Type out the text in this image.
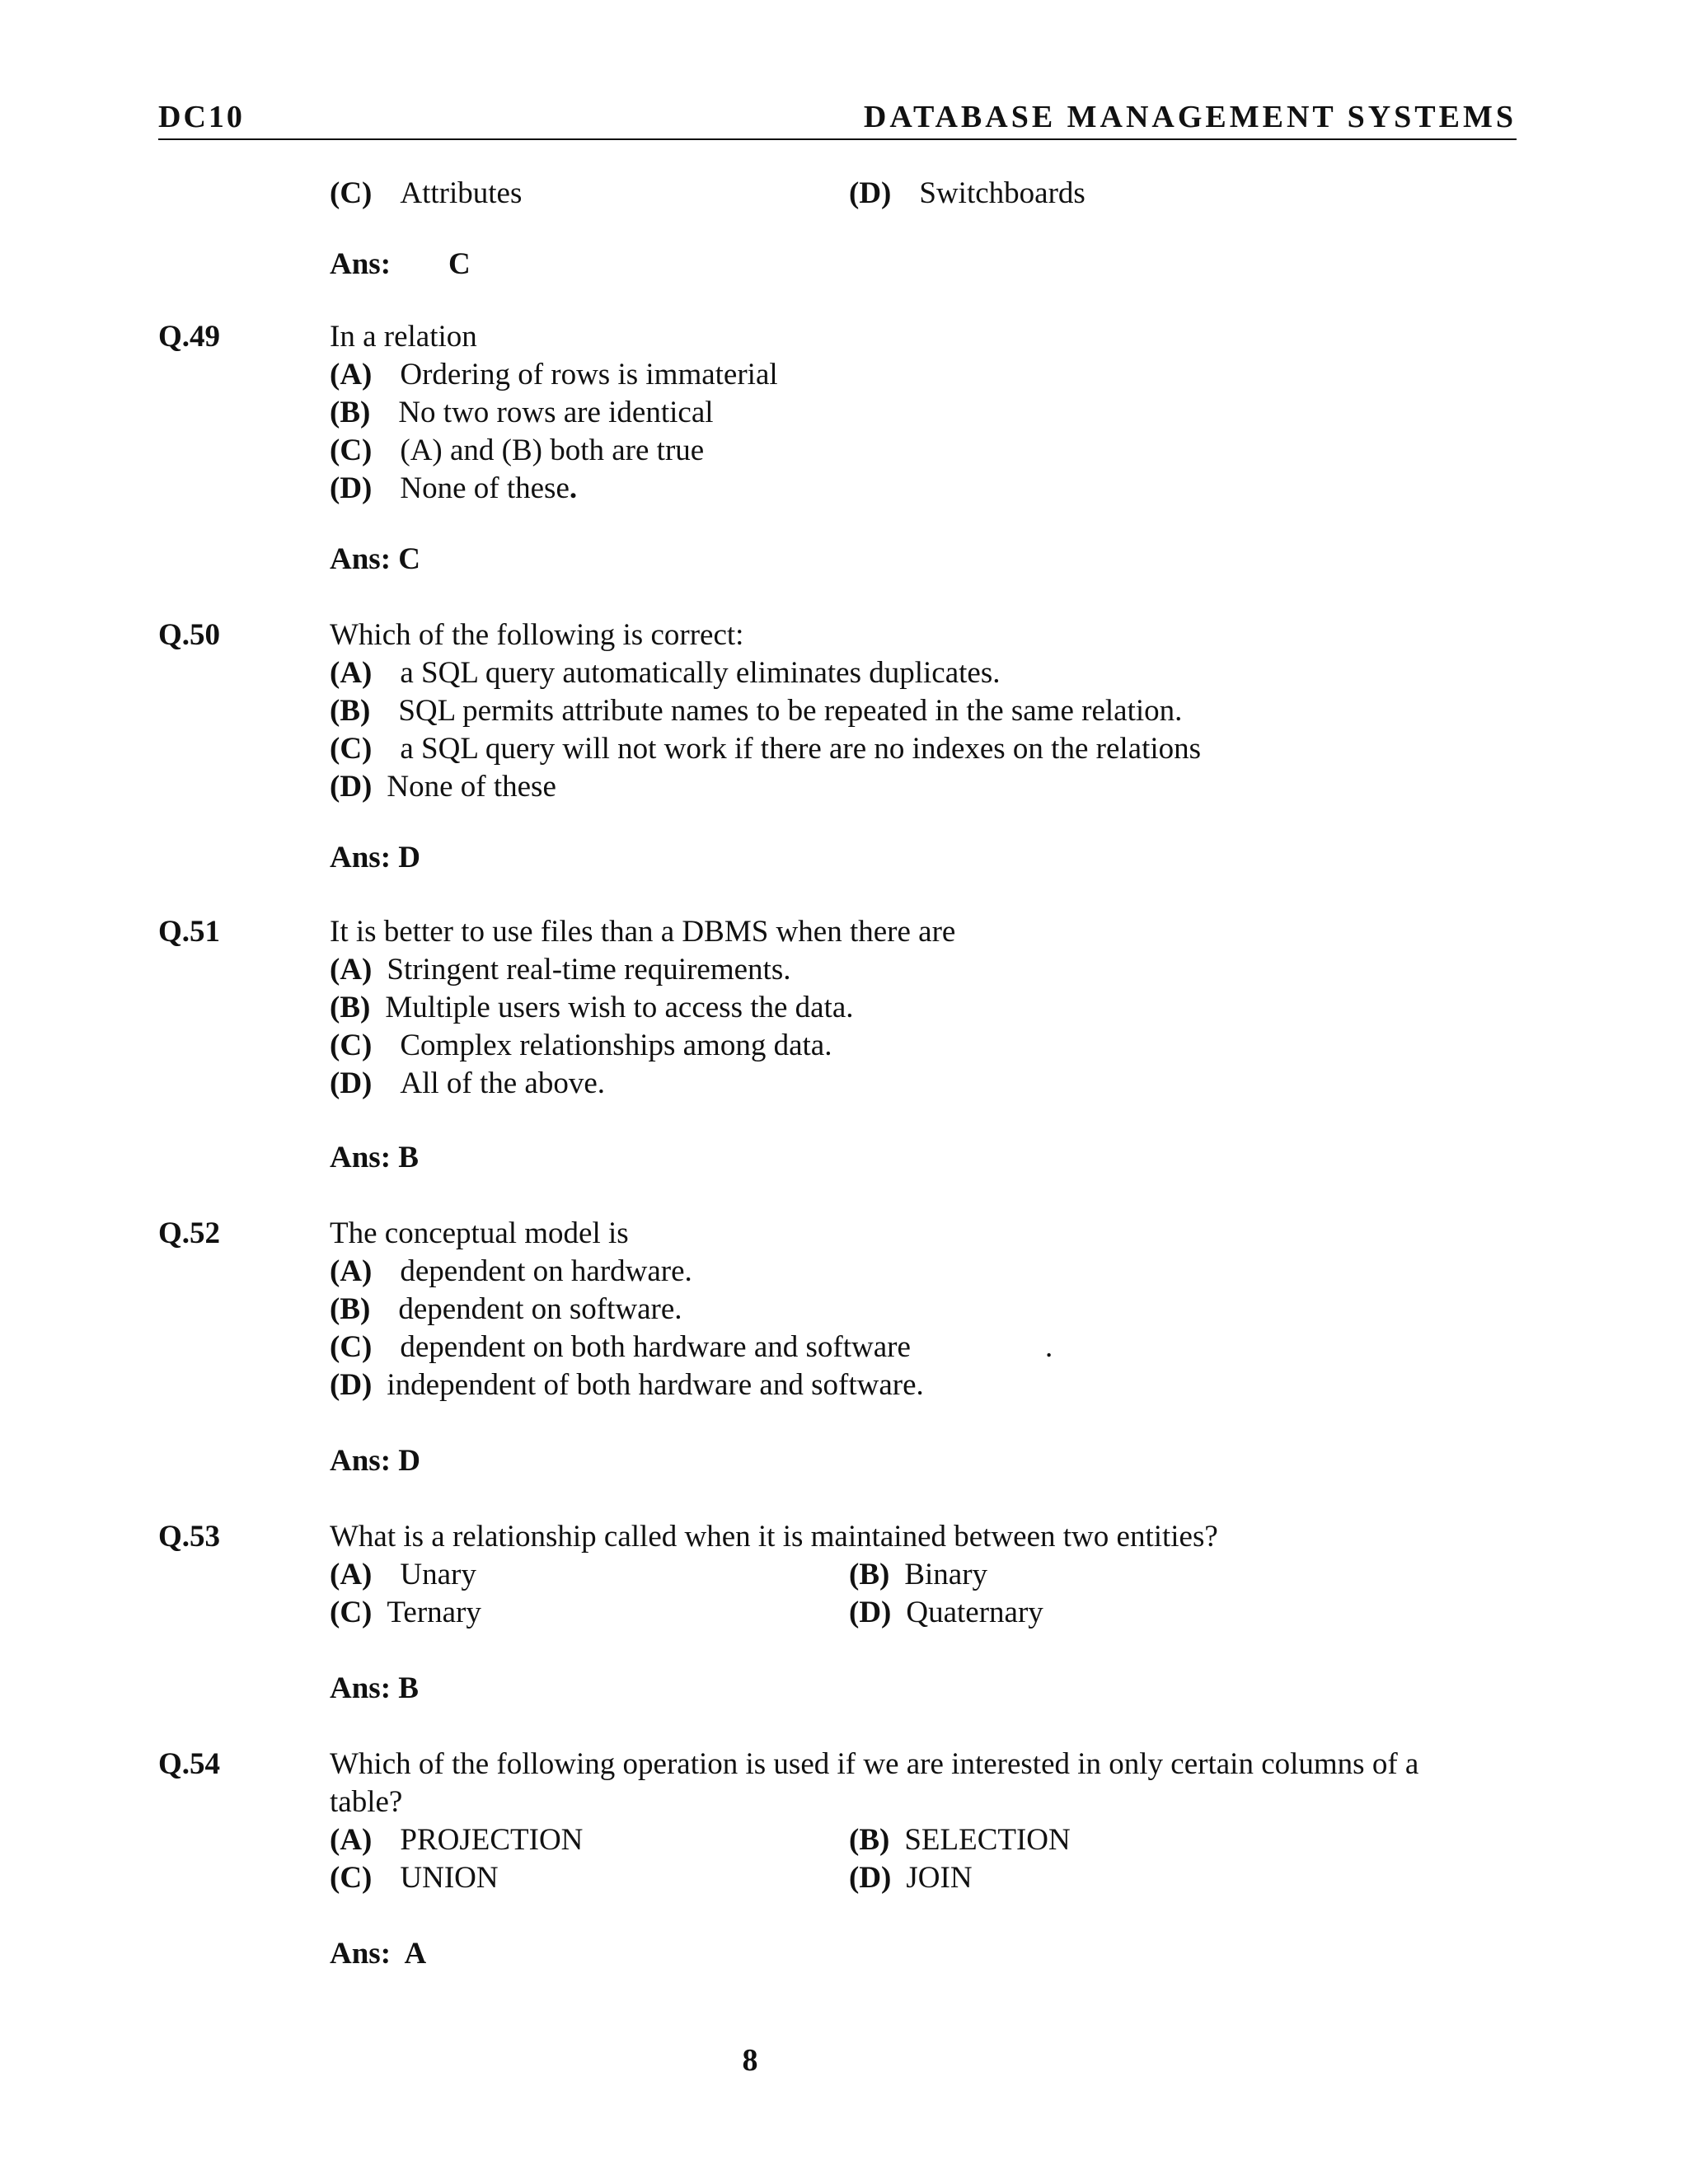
DC10	DATABASE MANAGEMENT SYSTEMS
(C) Attributes	(D) Switchboards
Ans: C
Q.49	In a relation
(A) Ordering of rows is immaterial
(B) No two rows are identical
(C) (A) and (B) both are true
(D) None of these.
Ans: C
Q.50	Which of the following is correct:
(A) a SQL query automatically eliminates duplicates.
(B) SQL permits attribute names to be repeated in the same relation.
(C) a SQL query will not work if there are no indexes on the relations
(D) None of these
Ans: D
Q.51	It is better to use files than a DBMS when there are
(A) Stringent real-time requirements.
(B) Multiple users wish to access the data.
(C) Complex relationships among data.
(D) All of the above.
Ans: B
Q.52	The conceptual model is
(A) dependent on hardware.
(B) dependent on software.
(C) dependent on both hardware and software	.
(D) independent of both hardware and software.
Ans: D
Q.53	What is a relationship called when it is maintained between two entities?
(A) Unary	(B) Binary
(C) Ternary	(D) Quaternary
Ans: B
Q.54	Which of the following operation is used if we are interested in only certain columns of a
table?
(A) PROJECTION	(B) SELECTION
(C) UNION	(D) JOIN
Ans:  A
8
